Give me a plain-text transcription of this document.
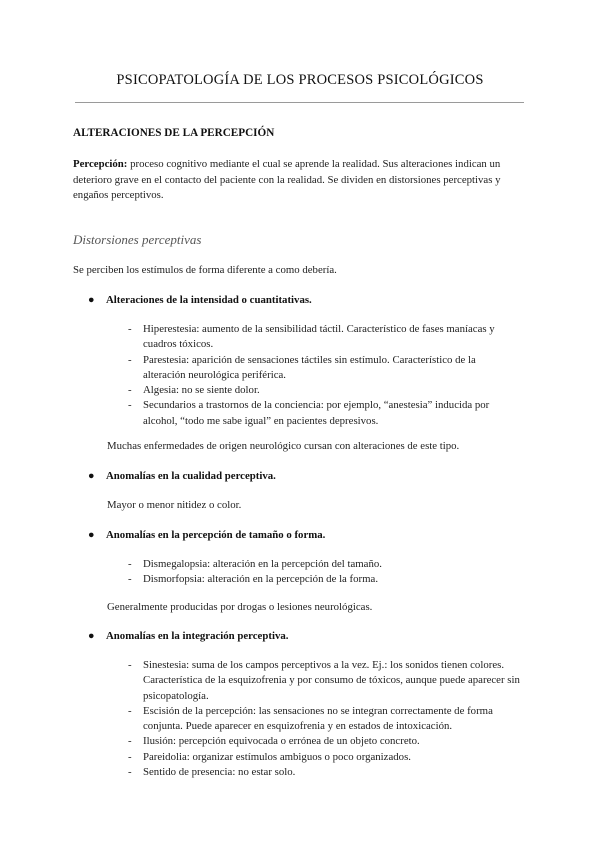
PSICOPATOLOGÍA DE LOS PROCESOS PSICOLÓGICOS
ALTERACIONES DE LA PERCEPCIÓN
Percepción: proceso cognitivo mediante el cual se aprende la realidad. Sus alteraciones indican un deterioro grave en el contacto del paciente con la realidad. Se dividen en distorsiones perceptivas y engaños perceptivos.
Distorsiones perceptivas
Se perciben los estímulos de forma diferente a como debería.
● Alteraciones de la intensidad o cuantitativas.
- Hiperestesia: aumento de la sensibilidad táctil. Característico de fases maníacas y cuadros tóxicos.
- Parestesia: aparición de sensaciones táctiles sin estímulo. Característico de la alteración neurológica periférica.
- Algesia: no se siente dolor.
- Secundarios a trastornos de la conciencia: por ejemplo, “anestesia” inducida por alcohol, “todo me sabe igual” en pacientes depresivos.
Muchas enfermedades de origen neurológico cursan con alteraciones de este tipo.
● Anomalías en la cualidad perceptiva.
Mayor o menor nitidez o color.
● Anomalías en la percepción de tamaño o forma.
- Dismegalopsia: alteración en la percepción del tamaño.
- Dismorfopsia: alteración en la percepción de la forma.
Generalmente producidas por drogas o lesiones neurológicas.
● Anomalías en la integración perceptiva.
- Sinestesia: suma de los campos perceptivos a la vez. Ej.: los sonidos tienen colores. Característica de la esquizofrenia y por consumo de tóxicos, aunque puede aparecer sin psicopatología.
- Escisión de la percepción: las sensaciones no se integran correctamente de forma conjunta. Puede aparecer en esquizofrenia y en estados de intoxicación.
- Ilusión: percepción equivocada o errónea de un objeto concreto.
- Pareidolia: organizar estímulos ambiguos o poco organizados.
- Sentido de presencia: no estar solo.
